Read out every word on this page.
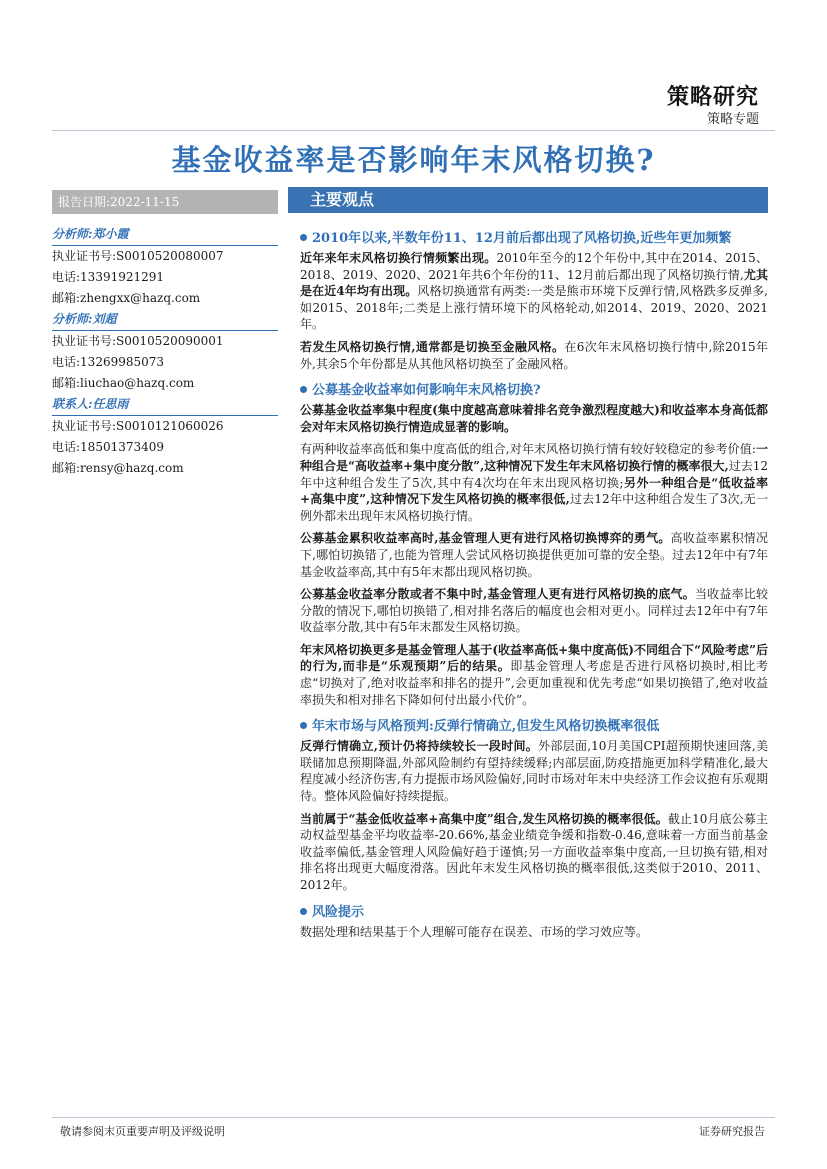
策略研究
策略专题
基金收益率是否影响年末风格切换?
报告日期:2022-11-15	主要观点
分析师:郑小霞
执业证书号:S0010520080007
电话:13391921291
邮箱:zhengxx@hazq.com
分析师:刘超
执业证书号:S0010520090001
电话:13269985073
邮箱:liuchao@hazq.com
联系人:任思雨
执业证书号:S0010121060026
电话:18501373409
邮箱:rensy@hazq.com
2010年以来,半数年份11、12月前后都出现了风格切换,近些年更加频繁

近年来年末风格切换行情频繁出现。2010年至今的12个年份中,其中在2014、2015、2018、2019、2020、2021年共6个年份的11、12月前后都出现了风格切换行情,尤其是在近4年均有出现。风格切换通常有两类:一类是熊市环境下反弹行情,风格跌多反弹多,如2015、2018年;二类是上涨行情环境下的风格轮动,如2014、2019、2020、2021年。

若发生风格切换行情,通常都是切换至金融风格。在6次年末风格切换行情中,除2015年外,其余5个年份都是从其他风格切换至了金融风格。

公募基金收益率如何影响年末风格切换?

公募基金收益率集中程度(集中度越高意味着排名竞争激烈程度越大)和收益率本身高低都会对年末风格切换行情造成显著的影响。

有两种收益率高低和集中度高低的组合,对年末风格切换行情有较好较稳定的参考价值:一种组合是“高收益率+集中度分散”,这种情况下发生年末风格切换行情的概率很大,过去12年中这种组合发生了5次,其中有4次均在年末出现风格切换;另外一种组合是“低收益率+高集中度”,这种情况下发生风格切换的概率很低,过去12年中这种组合发生了3次,无一例外都未出现年末风格切换行情。

公募基金累积收益率高时,基金管理人更有进行风格切换博弈的勇气。高收益率累积情况下,哪怕切换错了,也能为管理人尝试风格切换提供更加可靠的安全垫。过去12年中有7年基金收益率高,其中有5年末都出现风格切换。

公募基金收益率分散或者不集中时,基金管理人更有进行风格切换的底气。当收益率比较分散的情况下,哪怕切换错了,相对排名落后的幅度也会相对更小。同样过去12年中有7年收益率分散,其中有5年末都发生风格切换。

年末风格切换更多是基金管理人基于(收益率高低+集中度高低)不同组合下“风险考虑”后的行为,而非是“乐观预期”后的结果。即基金管理人考虑是否进行风格切换时,相比考虑“切换对了,绝对收益率和排名的提升”,会更加重视和优先考虑“如果切换错了,绝对收益率损失和相对排名下降如何付出最小代价”。

年末市场与风格预判:反弹行情确立,但发生风格切换概率很低

反弹行情确立,预计仍将持续较长一段时间。外部层面,10月美国CPI超预期快速回落,美联储加息预期降温,外部风险制约有望持续缓释;内部层面,防疫措施更加科学精准化,最大程度减小经济伤害,有力提振市场风险偏好,同时市场对年末中央经济工作会议抱有乐观期待。整体风险偏好持续提振。

当前属于“基金低收益率+高集中度”组合,发生风格切换的概率很低。截止10月底公募主动权益型基金平均收益率-20.66%,基金业绩竞争缓和指数-0.46,意味着一方面当前基金收益率偏低,基金管理人风险偏好趋于谨慎;另一方面收益率集中度高,一旦切换有错,相对排名将出现更大幅度滑落。因此年末发生风格切换的概率很低,这类似于2010、2011、2012年。

风险提示

数据处理和结果基于个人理解可能存在误差、市场的学习效应等。

敬请参阅末页重要声明及评级说明	证券研究报告
